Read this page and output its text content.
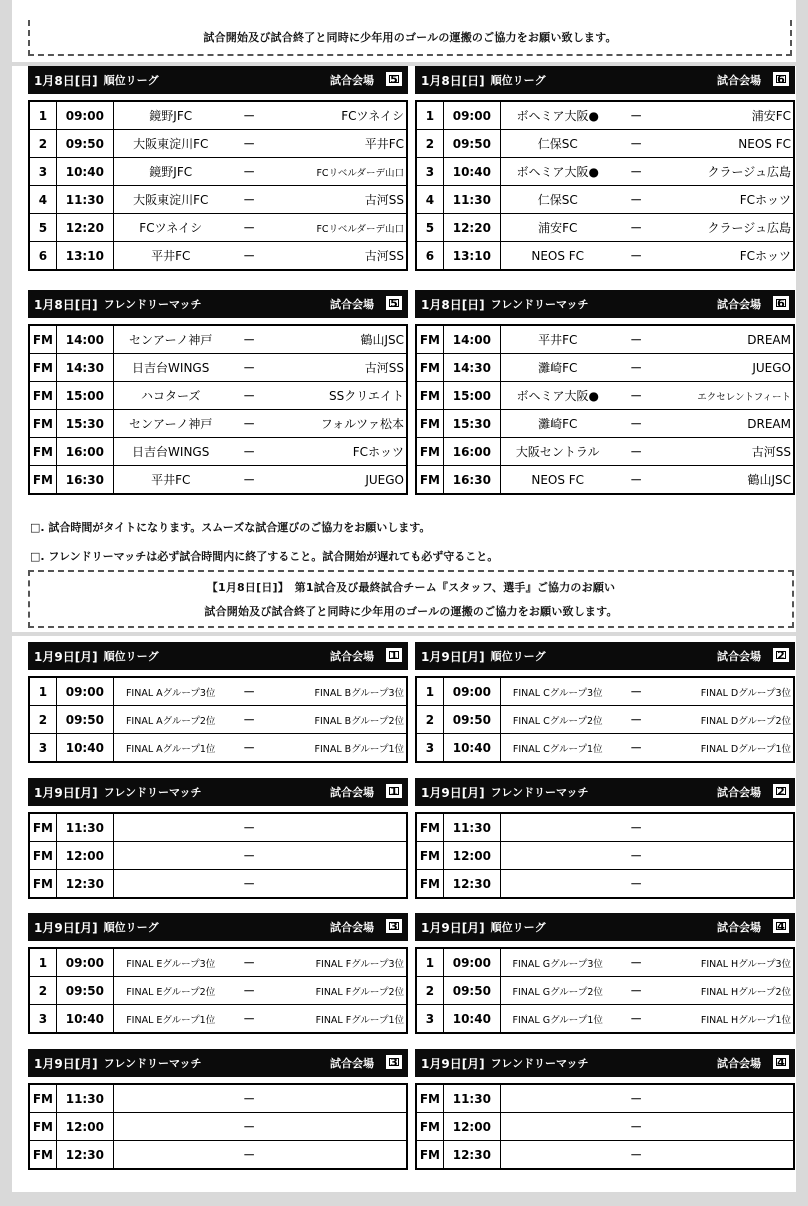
試合開始及び試合終了と同時に少年用のゴールの運搬のご協力をお願い致します。
1月8日[日] 順位リーグ	試合会場	5
1	09:00	鏡野JFC	－	FCツネイシ
2	09:50	大阪東淀川FC	－	平井FC
3	10:40	鏡野JFC	－	FCリベルダーデ山口
4	11:30	大阪東淀川FC	－	古河SS
5	12:20	FCツネイシ	－	FCリベルダーデ山口
6	13:10	平井FC	－	古河SS
1月8日[日] 順位リーグ	試合会場	6
1	09:00	ボヘミア大阪●	－	浦安FC
2	09:50	仁保SC	－	NEOS FC
3	10:40	ボヘミア大阪●	－	クラージュ広島
4	11:30	仁保SC	－	FCホッツ
5	12:20	浦安FC	－	クラージュ広島
6	13:10	NEOS FC	－	FCホッツ
1月8日[日] フレンドリーマッチ	試合会場	5
FM	14:00	センアーノ神戸	－	鶴山JSC
FM	14:30	日吉台WINGS	－	古河SS
FM	15:00	ハコターズ	－	SSクリエイト
FM	15:30	センアーノ神戸	－	フォルツァ松本
FM	16:00	日吉台WINGS	－	FCホッツ
FM	16:30	平井FC	－	JUEGO
1月8日[日] フレンドリーマッチ	試合会場	6
FM	14:00	平井FC	－	DREAM
FM	14:30	灘崎FC	－	JUEGO
FM	15:00	ボヘミア大阪●	－	エクセレントフィート
FM	15:30	灘崎FC	－	DREAM
FM	16:00	大阪セントラル	－	古河SS
FM	16:30	NEOS FC	－	鶴山JSC
1月9日[月] 順位リーグ	試合会場	1
1	09:00	FINAL Aグループ3位	－	FINAL Bグループ3位
2	09:50	FINAL Aグループ2位	－	FINAL Bグループ2位
3	10:40	FINAL Aグループ1位	－	FINAL Bグループ1位
1月9日[月] 順位リーグ	試合会場	2
1	09:00	FINAL Cグループ3位	－	FINAL Dグループ3位
2	09:50	FINAL Cグループ2位	－	FINAL Dグループ2位
3	10:40	FINAL Cグループ1位	－	FINAL Dグループ1位
1月9日[月] フレンドリーマッチ	試合会場	1
FM	11:30		－	
FM	12:00		－	
FM	12:30		－	
1月9日[月] フレンドリーマッチ	試合会場	2
FM	11:30		－	
FM	12:00		－	
FM	12:30		－	
1月9日[月] 順位リーグ	試合会場	3
1	09:00	FINAL Eグループ3位	－	FINAL Fグループ3位
2	09:50	FINAL Eグループ2位	－	FINAL Fグループ2位
3	10:40	FINAL Eグループ1位	－	FINAL Fグループ1位
1月9日[月] 順位リーグ	試合会場	4
1	09:00	FINAL Gグループ3位	－	FINAL Hグループ3位
2	09:50	FINAL Gグループ2位	－	FINAL Hグループ2位
3	10:40	FINAL Gグループ1位	－	FINAL Hグループ1位
1月9日[月] フレンドリーマッチ	試合会場	3
FM	11:30		－	
FM	12:00		－	
FM	12:30		－	
1月9日[月] フレンドリーマッチ	試合会場	4
FM	11:30		－	
FM	12:00		－	
FM	12:30		－	
□. 試合時間がタイトになります。スムーズな試合運びのご協力をお願いします。
□. フレンドリーマッチは必ず試合時間内に終了すること。試合開始が遅れても必ず守ること。
【1月8日[日]】　第1試合及び最終試合チーム『スタッフ、選手』ご協力のお願い
試合開始及び試合終了と同時に少年用のゴールの運搬のご協力をお願い致します。
